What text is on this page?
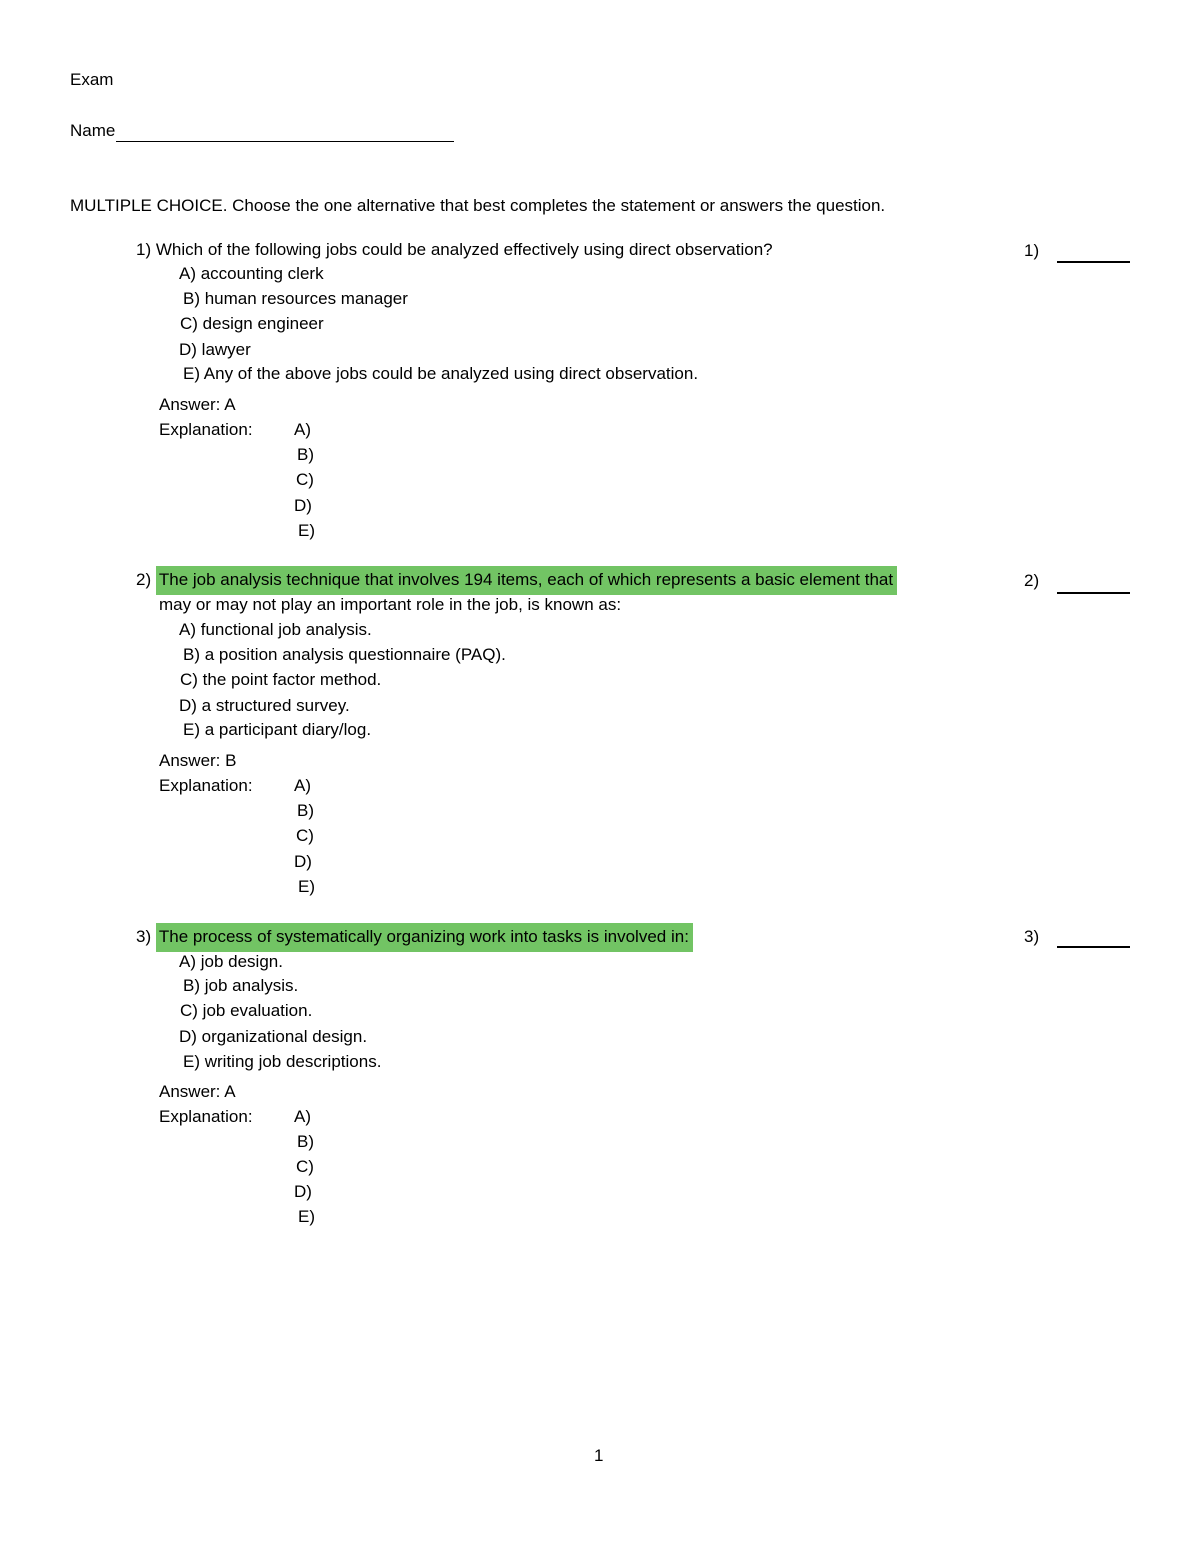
Exam
Name
MULTIPLE CHOICE. Choose the one alternative that best completes the statement or answers the question.
1) Which of the following jobs could be analyzed effectively using direct observation?
A) accounting clerk
B) human resources manager
C) design engineer
D) lawyer
E) Any of the above jobs could be analyzed using direct observation.
Answer: A
Explanation: A)
B)
C)
D)
E)
1)
2) The job analysis technique that involves 194 items, each of which represents a basic element that
may or may not play an important role in the job, is known as:
A) functional job analysis.
B) a position analysis questionnaire (PAQ).
C) the point factor method.
D) a structured survey.
E) a participant diary/log.
Answer: B
Explanation: A)
B)
C)
D)
E)
2)
3) The process of systematically organizing work into tasks is involved in:
A) job design.
B) job analysis.
C) job evaluation.
D) organizational design.
E) writing job descriptions.
Answer: A
Explanation: A)
B)
C)
D)
E)
3)
1
